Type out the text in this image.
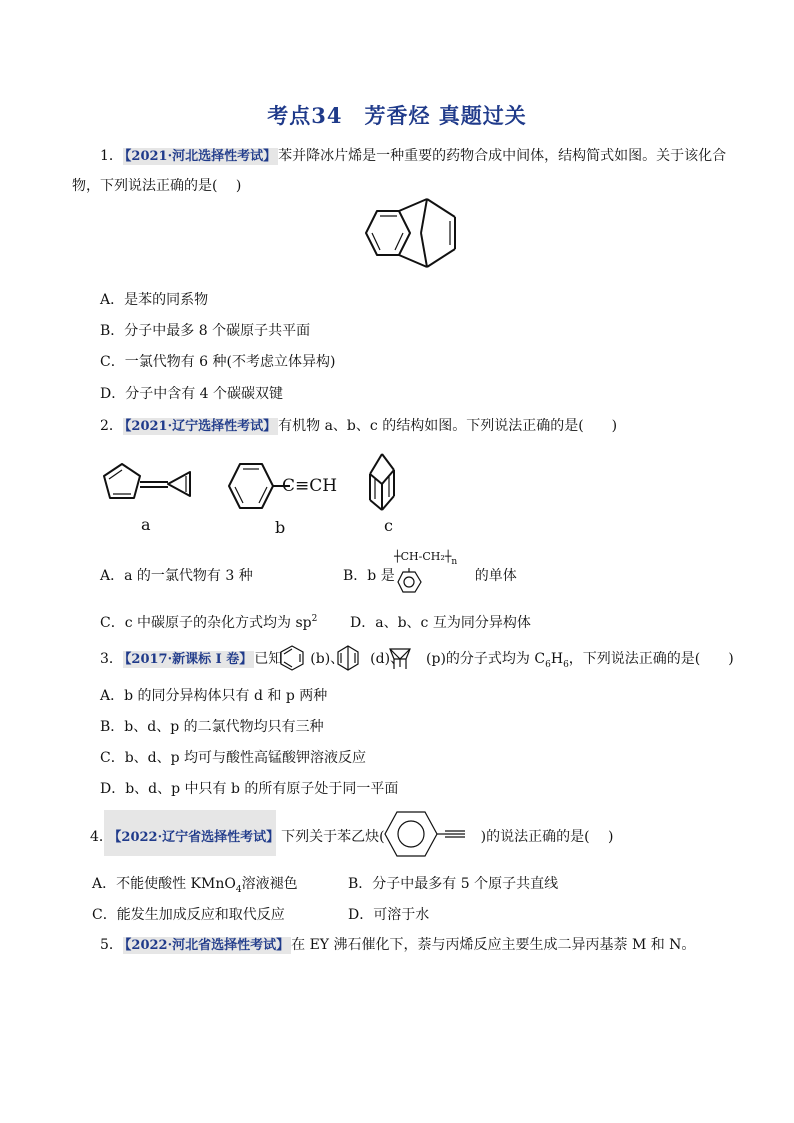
考点34　芳香烃 真题过关
1． 【2021·河北选择性考试】 苯并降冰片烯是一种重要的药物合成中间体，结构简式如图。关于该化合
物，下列说法正确的是(　 )
A．是苯的同系物
B．分子中最多 8 个碳原子共平面
C．一氯代物有 6 种(不考虑立体异构)
D．分子中含有 4 个碳碳双键
2． 【2021·辽宁选择性考试】 有机物 a、b、c 的结构如图。下列说法正确的是(　　)
a
C≡CH
b	c
A．a 的一氯代物有 3 种	B．b 是	的单体
$┼CH-CH_2┼_n$
C．c 中碳原子的杂化方式均为 $sp^2$ D．a、b、c 互为同分异构体
3． 【2017·新课标 I 卷】 已知 (b)、 (d)、 (p)的分子式均为 $C_6H_6$，下列说法正确的是(　　)
A．b 的同分异构体只有 d 和 p 两种
B．b、d、p 的二氯代物均只有三种
C．b、d、p 均可与酸性高锰酸钾溶液反应
D．b、d、p 中只有 b 的所有原子处于同一平面
4． 【2022·辽宁省选择性考试】 下列关于苯乙炔(	)的说法正确的是(　 )
A．不能使酸性 KMnO$_4$溶液褪色	B．分子中最多有 5 个原子共直线
C．能发生加成反应和取代反应	D．可溶于水
5． 【2022·河北省选择性考试】 在 EY 沸石催化下，萘与丙烯反应主要生成二异丙基萘 M 和 N。
